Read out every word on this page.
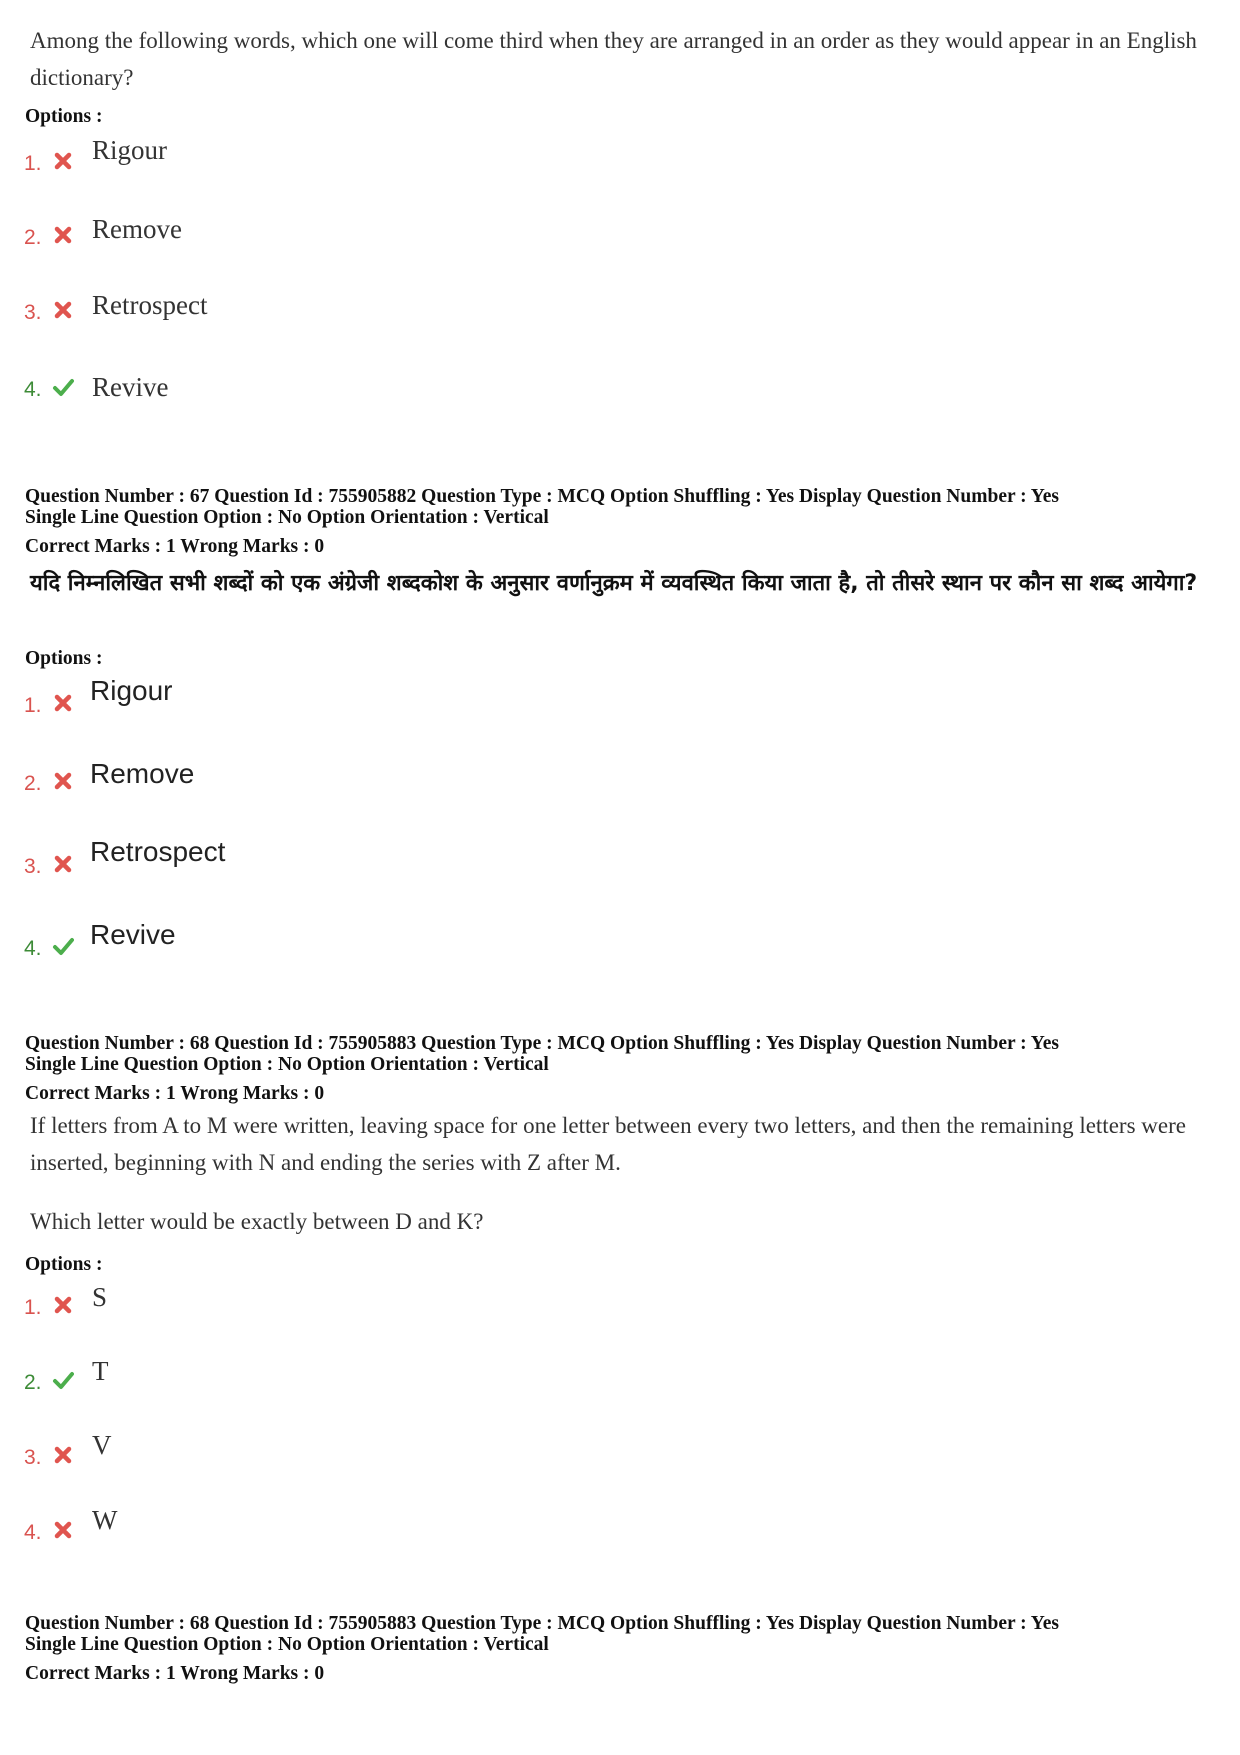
Among the following words, which one will come third when they are arranged in an order as they would appear in an English dictionary?
Options :
1. Rigour
2. Remove
3. Retrospect
4. Revive
Question Number : 67 Question Id : 755905882 Question Type : MCQ Option Shuffling : Yes Display Question Number : Yes
Single Line Question Option : No Option Orientation : Vertical
Correct Marks : 1 Wrong Marks : 0
यदि निम्नलिखित सभी शब्दों को एक अंग्रेजी शब्दकोश के अनुसार वर्णानुक्रम में व्यवस्थित किया जाता है, तो तीसरे स्थान पर कौन सा शब्द आयेगा?
Options :
1. Rigour
2. Remove
3. Retrospect
4. Revive
Question Number : 68 Question Id : 755905883 Question Type : MCQ Option Shuffling : Yes Display Question Number : Yes
Single Line Question Option : No Option Orientation : Vertical
Correct Marks : 1 Wrong Marks : 0
If letters from A to M were written, leaving space for one letter between every two letters, and then the remaining letters were inserted, beginning with N and ending the series with Z after M.
Which letter would be exactly between D and K?
Options :
1. S
2. T
3. V
4. W
Question Number : 68 Question Id : 755905883 Question Type : MCQ Option Shuffling : Yes Display Question Number : Yes
Single Line Question Option : No Option Orientation : Vertical
Correct Marks : 1 Wrong Marks : 0
